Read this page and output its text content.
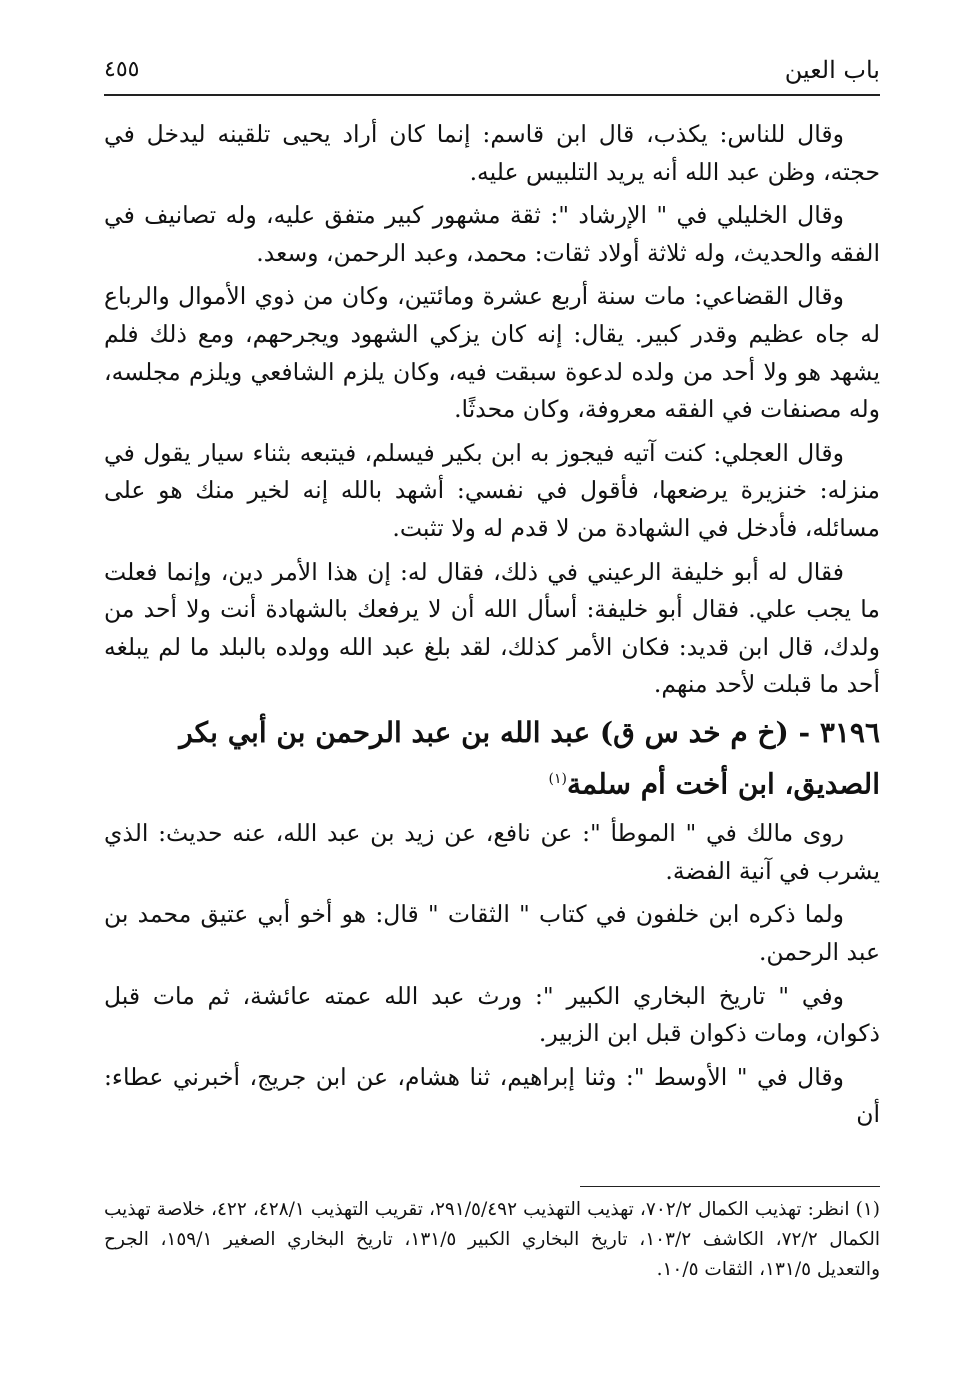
باب العين
٤٥٥

وقال للناس: يكذب، قال ابن قاسم: إنما كان أراد يحيى تلقينه ليدخل في حجته، وظن عبد الله أنه يريد التلبيس عليه.

وقال الخليلي في " الإرشاد ": ثقة مشهور كبير متفق عليه، وله تصانيف في الفقه والحديث، وله ثلاثة أولاد ثقات: محمد، وعبد الرحمن، وسعد.

وقال القضاعي: مات سنة أربع عشرة ومائتين، وكان من ذوي الأموال والرباع له جاه عظيم وقدر كبير. يقال: إنه كان يزكي الشهود ويجرحهم، ومع ذلك فلم يشهد هو ولا أحد من ولده لدعوة سبقت فيه، وكان يلزم الشافعي ويلزم مجلسه، وله مصنفات في الفقه معروفة، وكان محدثًا.

وقال العجلي: كنت آتيه فيجوز به ابن بكير فيسلم، فيتبعه بثناء سيار يقول في منزله: خنزيرة يرضعها، فأقول في نفسي: أشهد بالله إنه لخير منك هو على مسائله، فأدخل في الشهادة من لا قدم له ولا تثبت.

فقال له أبو خليفة الرعيني في ذلك، فقال له: إن هذا الأمر دين، وإنما فعلت ما يجب علي. فقال أبو خليفة: أسأل الله أن لا يرفعك بالشهادة أنت ولا أحد من ولدك، قال ابن قديد: فكان الأمر كذلك، لقد بلغ عبد الله وولده بالبلد ما لم يبلغه أحد ما قبلت لأحد منهم.

٣١٩٦ - (خ م خد س ق) عبد الله بن عبد الرحمن بن أبي بكر الصديق، ابن أخت أم سلمة$^{(١)}$

روى مالك في " الموطأ ": عن نافع، عن زيد بن عبد الله، عنه حديث: الذي يشرب في آنية الفضة.

ولما ذكره ابن خلفون في كتاب " الثقات " قال: هو أخو أبي عتيق محمد بن عبد الرحمن.

وفي " تاريخ البخاري الكبير ": ورث عبد الله عمته عائشة، ثم مات قبل ذكوان، ومات ذكوان قبل ابن الزبير.

وقال في " الأوسط ": وثنا إبراهيم، ثنا هشام، عن ابن جريج، أخبرني عطاء: أن

(١) انظر: تهذيب الكمال ٧٠٢/٢، تهذيب التهذيب ٢٩١/٥/٤٩٢، تقريب التهذيب ٤٢٨/١، ٤٢٢، خلاصة تهذيب الكمال ٧٢/٢، الكاشف ١٠٣/٢، تاريخ البخاري الكبير ١٣١/٥، تاريخ البخاري الصغير ١٥٩/١، الجرح والتعديل ١٣١/٥، الثقات ١٠/٥.
